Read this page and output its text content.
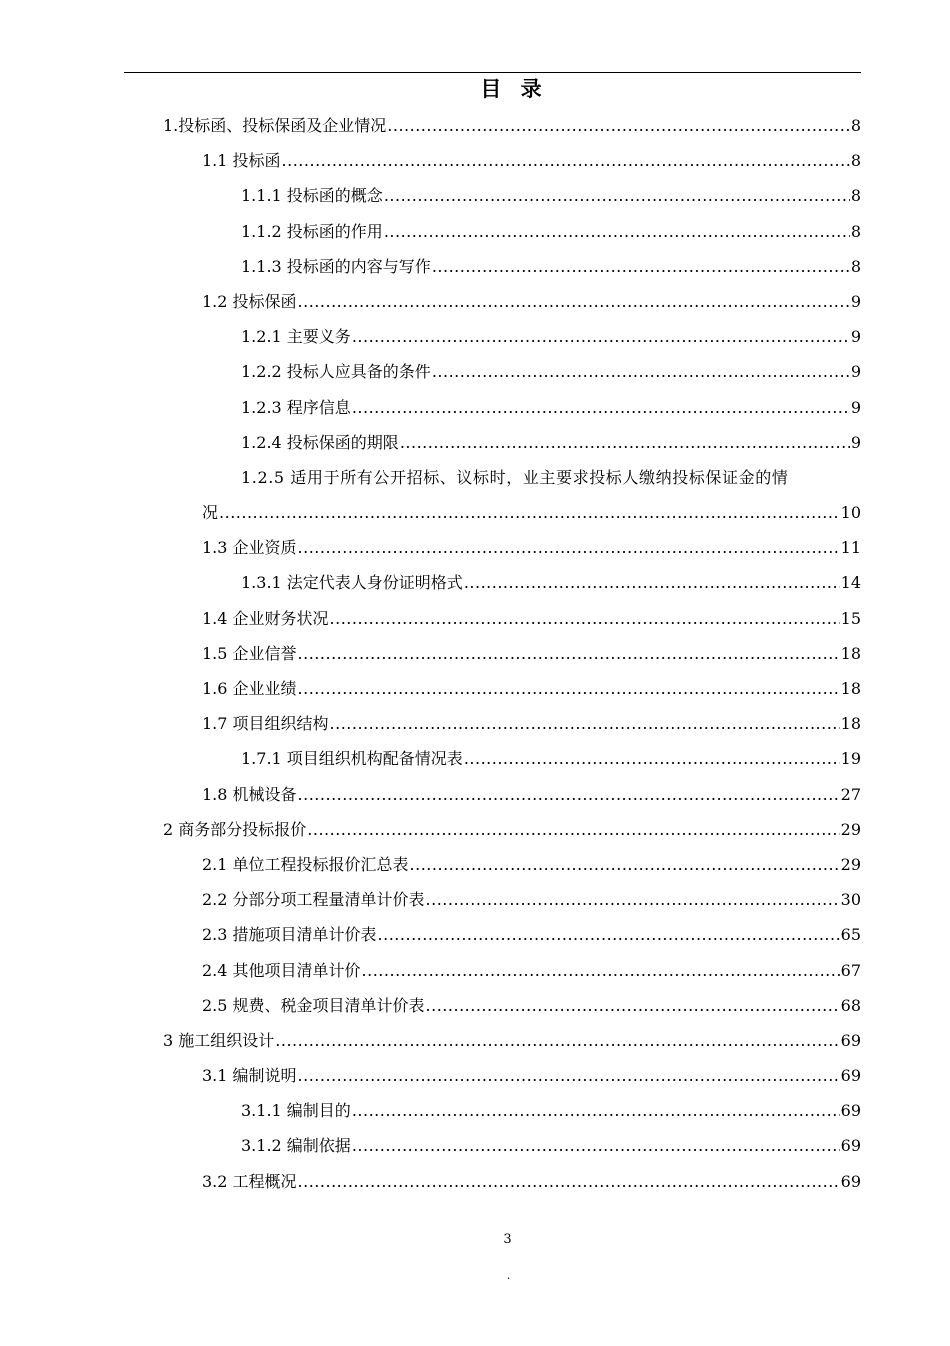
目 录
1.投标函、投标保函及企业情况 .....	8
1.1 投标函 .....	8
1.1.1 投标函的概念 .....	8
1.1.2 投标函的作用 .....	8
1.1.3 投标函的内容与写作 .....	8
1.2 投标保函 .....	9
1.2.1 主要义务 .....	9
1.2.2 投标人应具备的条件 .....	9
1.2.3 程序信息 .....	9
1.2.4 投标保函的期限 .....	9
1.2.5 适用于所有公开招标、议标时，业主要求投标人缴纳投标保证金的情
况 .....	10
1.3 企业资质 .....	11
1.3.1 法定代表人身份证明格式 .....	14
1.4 企业财务状况 .....	15
1.5 企业信誉 .....	18
1.6 企业业绩 .....	18
1.7 项目组织结构 .....	18
1.7.1 项目组织机构配备情况表 .....	19
1.8 机械设备 .....	27
2 商务部分投标报价 .....	29
2.1 单位工程投标报价汇总表 .....	29
2.2 分部分项工程量清单计价表 .....	30
2.3 措施项目清单计价表 .....	65
2.4 其他项目清单计价 .....	67
2.5 规费、税金项目清单计价表 .....	68
3 施工组织设计 .....	69
3.1 编制说明 .....	69
3.1.1 编制目的 .....	69
3.1.2 编制依据 .....	69
3.2 工程概况 .....	69
3
.
